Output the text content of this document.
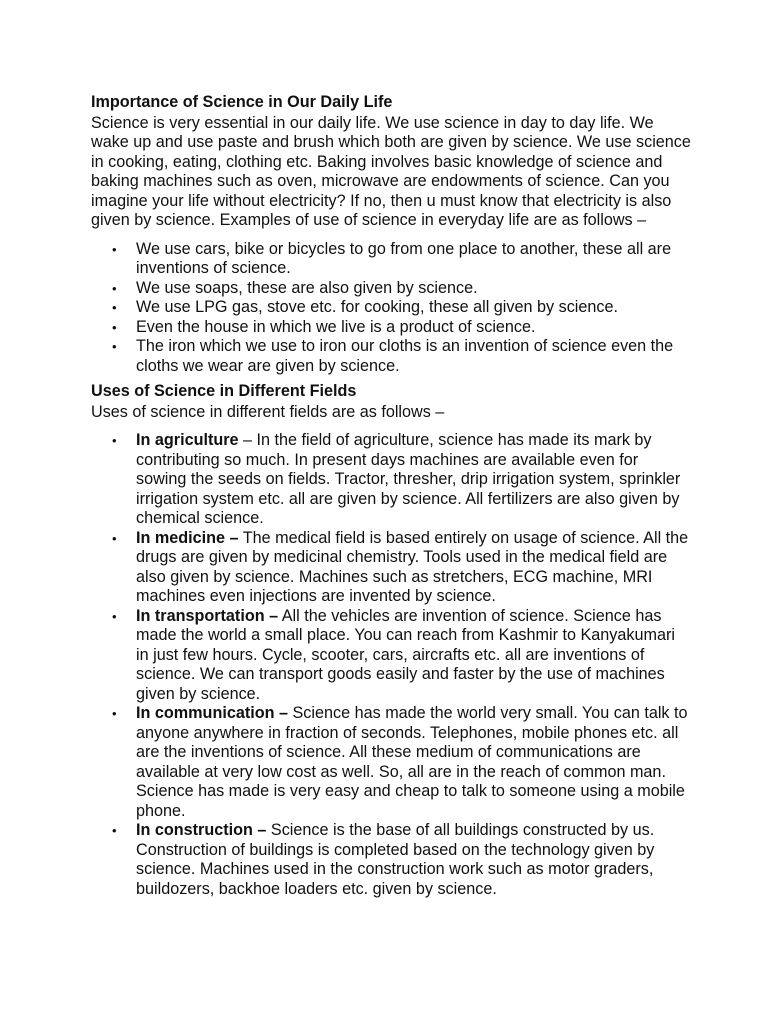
Importance of Science in Our Daily Life

Science is very essential in our daily life. We use science in day to day life. We wake up and use paste and brush which both are given by science. We use science in cooking, eating, clothing etc. Baking involves basic knowledge of science and baking machines such as oven, microwave are endowments of science. Can you imagine your life without electricity? If no, then u must know that electricity is also given by science. Examples of use of science in everyday life are as follows –

• We use cars, bike or bicycles to go from one place to another, these all are inventions of science.
• We use soaps, these are also given by science.
• We use LPG gas, stove etc. for cooking, these all given by science.
• Even the house in which we live is a product of science.
• The iron which we use to iron our cloths is an invention of science even the cloths we wear are given by science.
Uses of Science in Different Fields

Uses of science in different fields are as follows –

• In agriculture – In the field of agriculture, science has made its mark by contributing so much. In present days machines are available even for sowing the seeds on fields. Tractor, thresher, drip irrigation system, sprinkler irrigation system etc. all are given by science. All fertilizers are also given by chemical science.
• In medicine – The medical field is based entirely on usage of science. All the drugs are given by medicinal chemistry. Tools used in the medical field are also given by science. Machines such as stretchers, ECG machine, MRI machines even injections are invented by science.
• In transportation – All the vehicles are invention of science. Science has made the world a small place. You can reach from Kashmir to Kanyakumari in just few hours. Cycle, scooter, cars, aircrafts etc. all are inventions of science. We can transport goods easily and faster by the use of machines given by science.
• In communication – Science has made the world very small. You can talk to anyone anywhere in fraction of seconds. Telephones, mobile phones etc. all are the inventions of science. All these medium of communications are available at very low cost as well. So, all are in the reach of common man. Science has made is very easy and cheap to talk to someone using a mobile phone.
• In construction – Science is the base of all buildings constructed by us. Construction of buildings is completed based on the technology given by science. Machines used in the construction work such as motor graders, buildozers, backhoe loaders etc. given by science.
